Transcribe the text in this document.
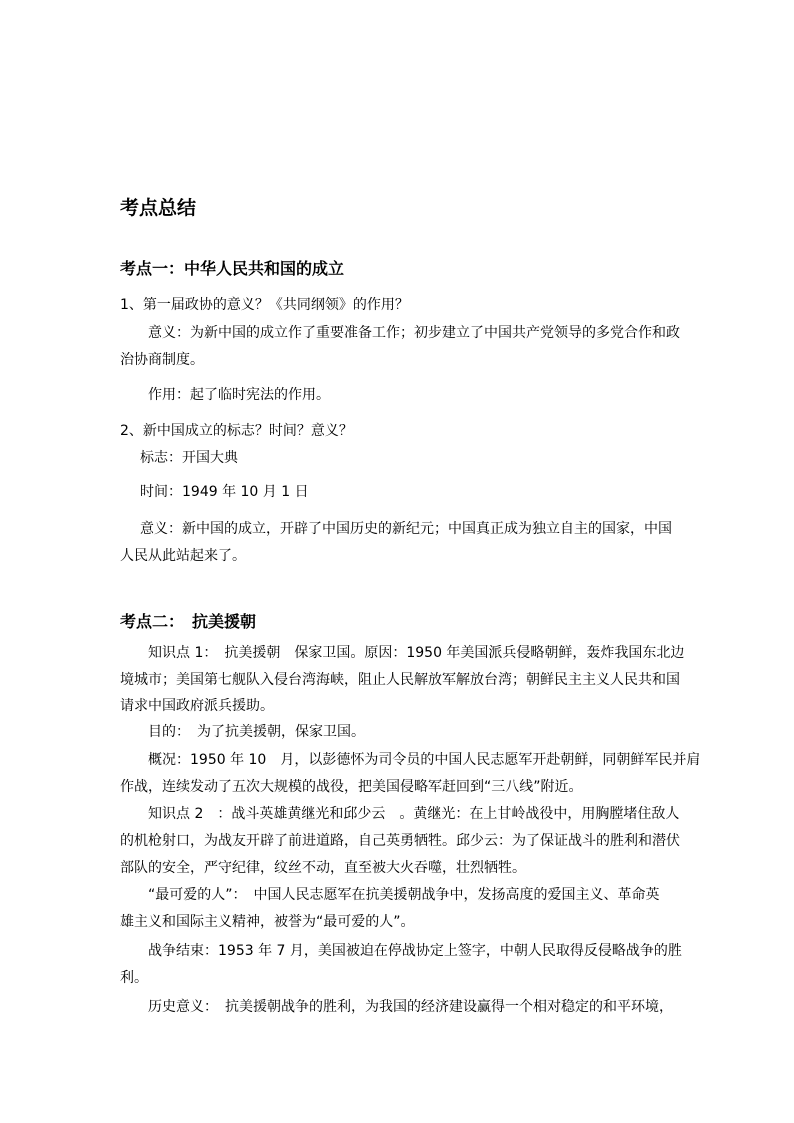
考点总结
考点一：中华人民共和国的成立
1、第一届政协的意义？《共同纲领》的作用？
意义：为新中国的成立作了重要准备工作；初步建立了中国共产党领导的多党合作和政
治协商制度。
作用：起了临时宪法的作用。
2、新中国成立的标志？时间？意义？
标志：开国大典
时间：1949 年 10 月 1 日
意义：新中国的成立，开辟了中国历史的新纪元；中国真正成为独立自主的国家，中国
人民从此站起来了。
考点二：　抗美援朝
知识点 1：　抗美援朝　保家卫国。原因：1950 年美国派兵侵略朝鲜，轰炸我国东北边
境城市；美国第七舰队入侵台湾海峡，阻止人民解放军解放台湾；朝鲜民主主义人民共和国
请求中国政府派兵援助。
目的：　为了抗美援朝，保家卫国。
概况：1950 年 10　月，以彭德怀为司令员的中国人民志愿军开赴朝鲜，同朝鲜军民并肩
作战，连续发动了五次大规模的战役，把美国侵略军赶回到“三八线”附近。
知识点 2　：战斗英雄黄继光和邱少云　。黄继光：在上甘岭战役中，用胸膛堵住敌人
的机枪射口，为战友开辟了前进道路，自己英勇牺牲。邱少云：为了保证战斗的胜利和潜伏
部队的安全，严守纪律，纹丝不动，直至被大火吞噬，壮烈牺牲。
“最可爱的人”：　中国人民志愿军在抗美援朝战争中，发扬高度的爱国主义、革命英
雄主义和国际主义精神，被誉为“最可爱的人”。
战争结束：1953 年 7 月，美国被迫在停战协定上签字，中朝人民取得反侵略战争的胜
利。
历史意义：　抗美援朝战争的胜利，为我国的经济建设赢得一个相对稳定的和平环境，
